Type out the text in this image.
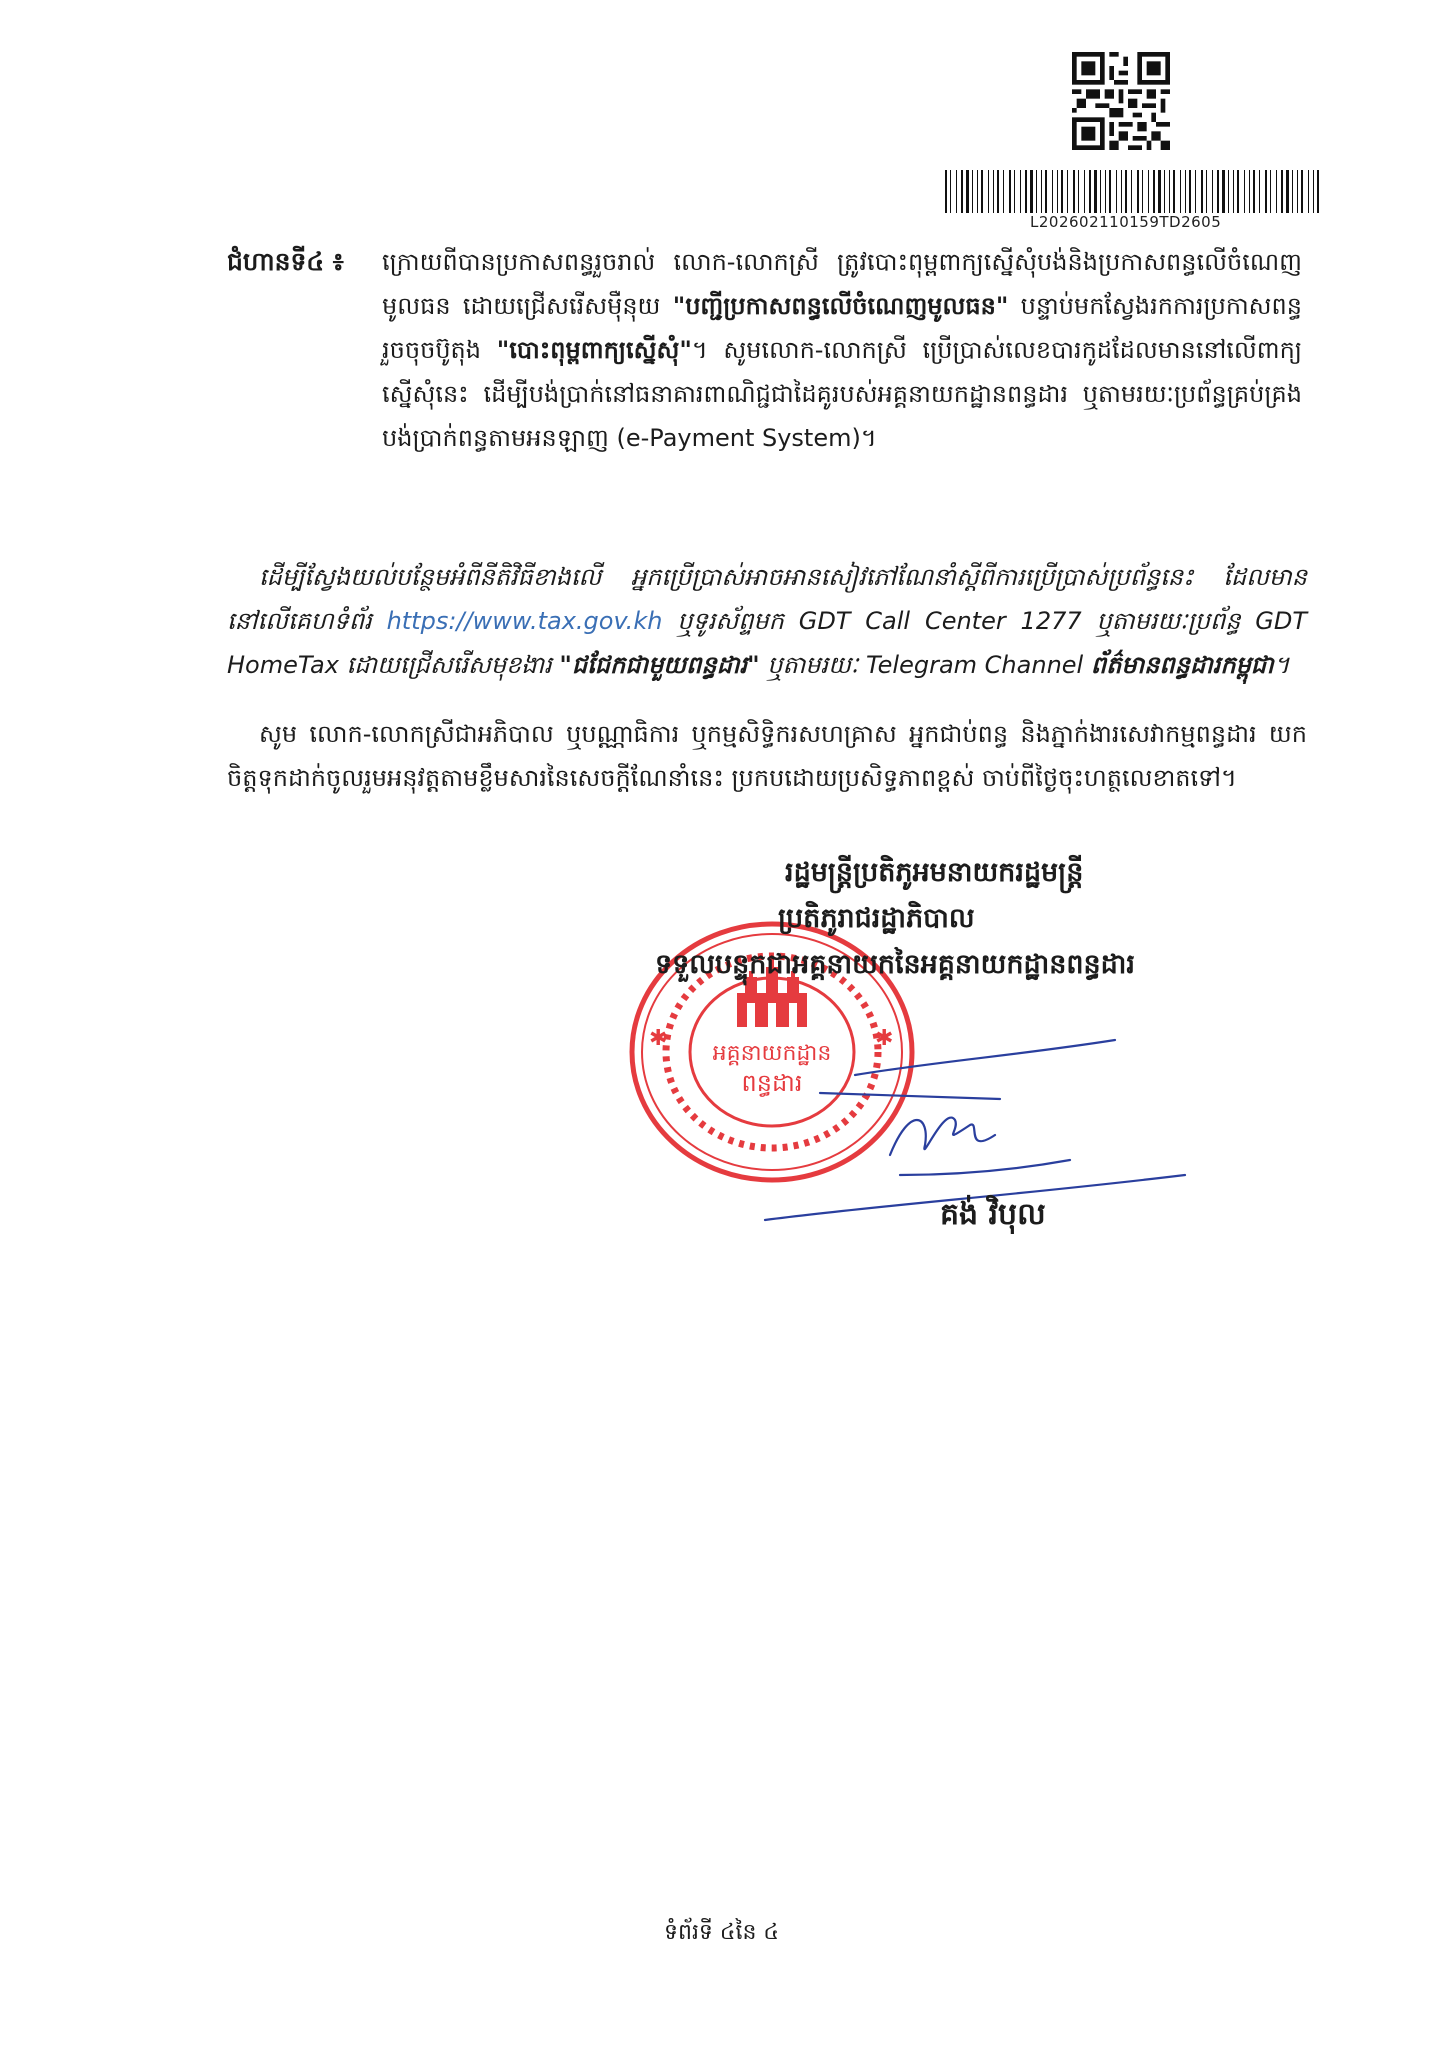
L202602110159TD2605
ជំហានទី៤ ៖	ក្រោយពីបានប្រកាសពន្ធរួចរាល់ លោក-លោកស្រី ត្រូវបោះពុម្ពពាក្យស្នើសុំបង់និងប្រកាសពន្ធលើចំណេញមូលធន ដោយជ្រើសរើសម៉ឺនុយ "បញ្ជីប្រកាសពន្ធលើចំណេញមូលធន" បន្ទាប់មកស្វែងរកការប្រកាសពន្ធ រួចចុចប៊ូតុង "បោះពុម្ពពាក្យស្នើសុំ"។ សូមលោក-លោកស្រី ប្រើប្រាស់លេខបារកូដដែលមាននៅលើពាក្យស្នើសុំនេះ ដើម្បីបង់ប្រាក់នៅធនាគារពាណិជ្ជជាដៃគូរបស់អគ្គនាយកដ្ឋានពន្ធដារ ឬតាមរយៈប្រព័ន្ធគ្រប់គ្រងបង់ប្រាក់ពន្ធតាមអនឡាញ (e-Payment System)។
ដើម្បីស្វែងយល់បន្ថែមអំពីនីតិវិធីខាងលើ អ្នកប្រើប្រាស់អាចអានសៀវភៅណែនាំស្តីពីការប្រើប្រាស់ប្រព័ន្ធនេះ ដែលមាននៅលើគេហទំព័រ https://www.tax.gov.kh ឬទូរស័ព្ទមក GDT Call Center 1277 ឬតាមរយៈប្រព័ន្ធ GDT HomeTax ដោយជ្រើសរើសមុខងារ "ជជែកជាមួយពន្ធដារ" ឬតាមរយៈ Telegram Channel ព័ត៌មានពន្ធដារកម្ពុជា។
សូម លោក-លោកស្រីជាអភិបាល ឬបណ្ណាធិការ ឬកម្មសិទ្ធិករសហគ្រាស អ្នកជាប់ពន្ធ និងភ្នាក់ងារសេវាកម្មពន្ធដារ យកចិត្តទុកដាក់ចូលរួមអនុវត្តតាមខ្លឹមសារនៃសេចក្តីណែនាំនេះ ប្រកបដោយប្រសិទ្ធភាពខ្ពស់ ចាប់ពីថ្ងៃចុះហត្ថលេខាតទៅ។
អគ្គនាយកដ្ឋាន
ពន្ធដារ
✱	✱
រដ្ឋមន្ត្រីប្រតិភូអមនាយករដ្ឋមន្ត្រី
ប្រតិភូរាជរដ្ឋាភិបាល
ទទួលបន្ទុកជាអគ្គនាយកនៃអគ្គនាយកដ្ឋានពន្ធដារ
គង់ វិបុល
ទំព័រទី ៤នៃ ៤
